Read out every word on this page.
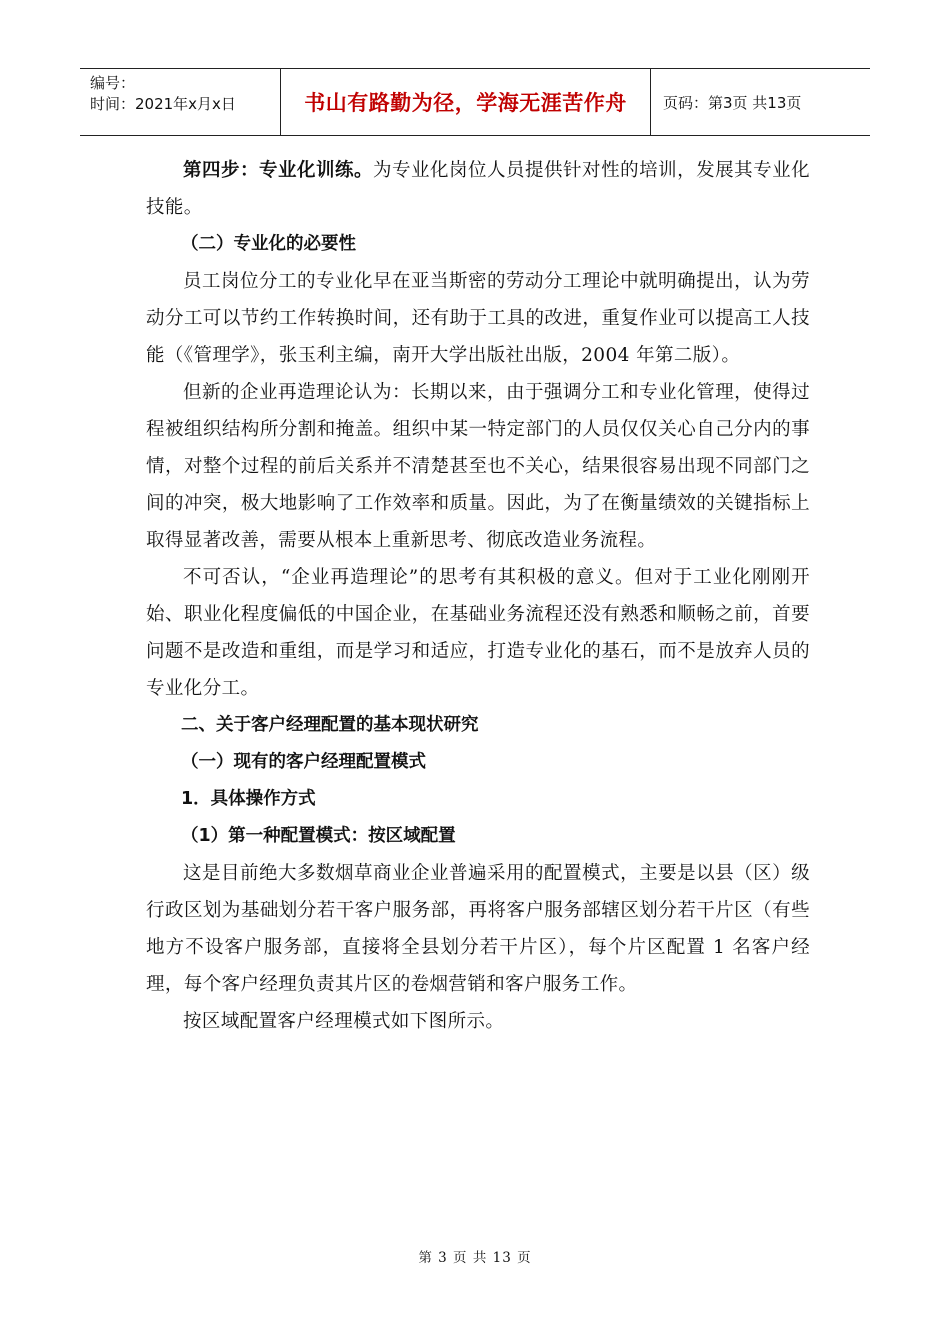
编号：
时间：2021年x月x日	书山有路勤为径，学海无涯苦作舟	页码：第3页 共13页

第四步：专业化训练。为专业化岗位人员提供针对性的培训，发展其专业化技能。

（二）专业化的必要性

员工岗位分工的专业化早在亚当斯密的劳动分工理论中就明确提出，认为劳动分工可以节约工作转换时间，还有助于工具的改进，重复作业可以提高工人技能（《管理学》，张玉利主编，南开大学出版社出版，2004 年第二版）。

但新的企业再造理论认为：长期以来，由于强调分工和专业化管理，使得过程被组织结构所分割和掩盖。组织中某一特定部门的人员仅仅关心自己分内的事情，对整个过程的前后关系并不清楚甚至也不关心，结果很容易出现不同部门之间的冲突，极大地影响了工作效率和质量。因此，为了在衡量绩效的关键指标上取得显著改善，需要从根本上重新思考、彻底改造业务流程。

不可否认，“企业再造理论”的思考有其积极的意义。但对于工业化刚刚开始、职业化程度偏低的中国企业，在基础业务流程还没有熟悉和顺畅之前，首要问题不是改造和重组，而是学习和适应，打造专业化的基石，而不是放弃人员的专业化分工。

二、关于客户经理配置的基本现状研究

（一）现有的客户经理配置模式

1．具体操作方式

（1）第一种配置模式：按区域配置

这是目前绝大多数烟草商业企业普遍采用的配置模式，主要是以县（区）级行政区划为基础划分若干客户服务部，再将客户服务部辖区划分若干片区（有些地方不设客户服务部，直接将全县划分若干片区），每个片区配置 1 名客户经理，每个客户经理负责其片区的卷烟营销和客户服务工作。

按区域配置客户经理模式如下图所示。

第 3 页 共 13 页
